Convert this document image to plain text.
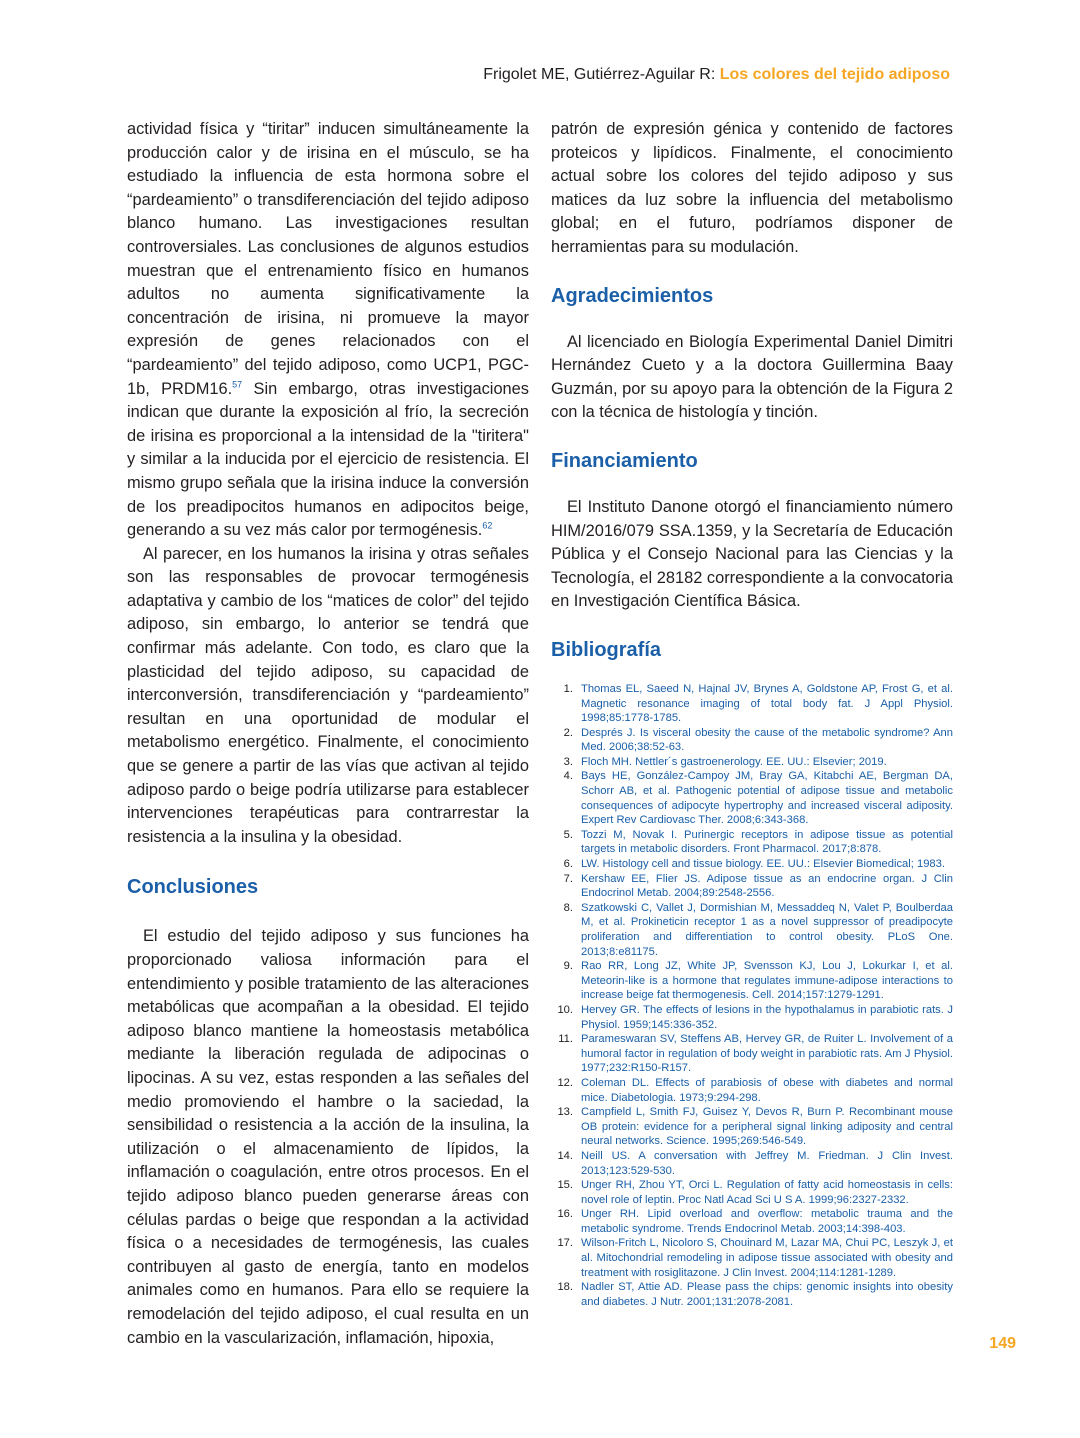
Frigolet ME, Gutiérrez-Aguilar R: Los colores del tejido adiposo

actividad física y “tiritar” inducen simultáneamente la producción calor y de irisina en el músculo, se ha estudiado la influencia de esta hormona sobre el “pardeamiento” o transdiferenciación del tejido adiposo blanco humano. Las investigaciones resultan controversiales. Las conclusiones de algunos estudios muestran que el entrenamiento físico en humanos adultos no aumenta significativamente la concentración de irisina, ni promueve la mayor expresión de genes relacionados con el “pardeamiento” del tejido adiposo, como UCP1, PGC-1b, PRDM16.57 Sin embargo, otras investigaciones indican que durante la exposición al frío, la secreción de irisina es proporcional a la intensidad de la "tiritera" y similar a la inducida por el ejercicio de resistencia. El mismo grupo señala que la irisina induce la conversión de los preadipocitos humanos en adipocitos beige, generando a su vez más calor por termogénesis.$^{62}$

Al parecer, en los humanos la irisina y otras señales son las responsables de provocar termogénesis adaptativa y cambio de los “matices de color” del tejido adiposo, sin embargo, lo anterior se tendrá que confirmar más adelante. Con todo, es claro que la plasticidad del tejido adiposo, su capacidad de interconversión, transdiferenciación y “pardeamiento” resultan en una oportunidad de modular el metabolismo energético. Finalmente, el conocimiento que se genere a partir de las vías que activan al tejido adiposo pardo o beige podría utilizarse para establecer intervenciones terapéuticas para contrarrestar la resistencia a la insulina y la obesidad.

Conclusiones

El estudio del tejido adiposo y sus funciones ha proporcionado valiosa información para el entendimiento y posible tratamiento de las alteraciones metabólicas que acompañan a la obesidad. El tejido adiposo blanco mantiene la homeostasis metabólica mediante la liberación regulada de adipocinas o lipocinas. A su vez, estas responden a las señales del medio promoviendo el hambre o la saciedad, la sensibilidad o resistencia a la acción de la insulina, la utilización o el almacenamiento de lípidos, la inflamación o coagulación, entre otros procesos. En el tejido adiposo blanco pueden generarse áreas con células pardas o beige que respondan a la actividad física o a necesidades de termogénesis, las cuales contribuyen al gasto de energía, tanto en modelos animales como en humanos. Para ello se requiere la remodelación del tejido adiposo, el cual resulta en un cambio en la vascularización, inflamación, hipoxia,

patrón de expresión génica y contenido de factores proteicos y lipídicos. Finalmente, el conocimiento actual sobre los colores del tejido adiposo y sus matices da luz sobre la influencia del metabolismo global; en el futuro, podríamos disponer de herramientas para su modulación.

Agradecimientos

Al licenciado en Biología Experimental Daniel Dimitri Hernández Cueto y a la doctora Guillermina Baay Guzmán, por su apoyo para la obtención de la Figura 2 con la técnica de histología y tinción.

Financiamiento

El Instituto Danone otorgó el financiamiento número HIM/2016/079 SSA.1359, y la Secretaría de Educación Pública y el Consejo Nacional para las Ciencias y la Tecnología, el 28182 correspondiente a la convocatoria en Investigación Científica Básica.

Bibliografía
1. Thomas EL, Saeed N, Hajnal JV, Brynes A, Goldstone AP, Frost G, et al. Magnetic resonance imaging of total body fat. J Appl Physiol. 1998;85:1778-1785.
2. Després J. Is visceral obesity the cause of the metabolic syndrome? Ann Med. 2006;38:52-63.
3. Floch MH. Nettler´s gastroenerology. EE. UU.: Elsevier; 2019.
4. Bays HE, González-Campoy JM, Bray GA, Kitabchi AE, Bergman DA, Schorr AB, et al. Pathogenic potential of adipose tissue and metabolic consequences of adipocyte hypertrophy and increased visceral adiposity. Expert Rev Cardiovasc Ther. 2008;6:343-368.
5. Tozzi M, Novak I. Purinergic receptors in adipose tissue as potential targets in metabolic disorders. Front Pharmacol. 2017;8:878.
6. LW. Histology cell and tissue biology. EE. UU.: Elsevier Biomedical; 1983.
7. Kershaw EE, Flier JS. Adipose tissue as an endocrine organ. J Clin Endocrinol Metab. 2004;89:2548-2556.
8. Szatkowski C, Vallet J, Dormishian M, Messaddeq N, Valet P, Boulberdaa M, et al. Prokineticin receptor 1 as a novel suppressor of preadipocyte proliferation and differentiation to control obesity. PLoS One. 2013;8:e81175.
9. Rao RR, Long JZ, White JP, Svensson KJ, Lou J, Lokurkar I, et al. Meteorin-like is a hormone that regulates immune-adipose interactions to increase beige fat thermogenesis. Cell. 2014;157:1279-1291.
10. Hervey GR. The effects of lesions in the hypothalamus in parabiotic rats. J Physiol. 1959;145:336-352.
11. Parameswaran SV, Steffens AB, Hervey GR, de Ruiter L. Involvement of a humoral factor in regulation of body weight in parabiotic rats. Am J Physiol. 1977;232:R150-R157.
12. Coleman DL. Effects of parabiosis of obese with diabetes and normal mice. Diabetologia. 1973;9:294-298.
13. Campfield L, Smith FJ, Guisez Y, Devos R, Burn P. Recombinant mouse OB protein: evidence for a peripheral signal linking adiposity and central neural networks. Science. 1995;269:546-549.
14. Neill US. A conversation with Jeffrey M. Friedman. J Clin Invest. 2013;123:529-530.
15. Unger RH, Zhou YT, Orci L. Regulation of fatty acid homeostasis in cells: novel role of leptin. Proc Natl Acad Sci U S A. 1999;96:2327-2332.
16. Unger RH. Lipid overload and overflow: metabolic trauma and the metabolic syndrome. Trends Endocrinol Metab. 2003;14:398-403.
17. Wilson-Fritch L, Nicoloro S, Chouinard M, Lazar MA, Chui PC, Leszyk J, et al. Mitochondrial remodeling in adipose tissue associated with obesity and treatment with rosiglitazone. J Clin Invest. 2004;114:1281-1289.
18. Nadler ST, Attie AD. Please pass the chips: genomic insights into obesity and diabetes. J Nutr. 2001;131:2078-2081.
149
